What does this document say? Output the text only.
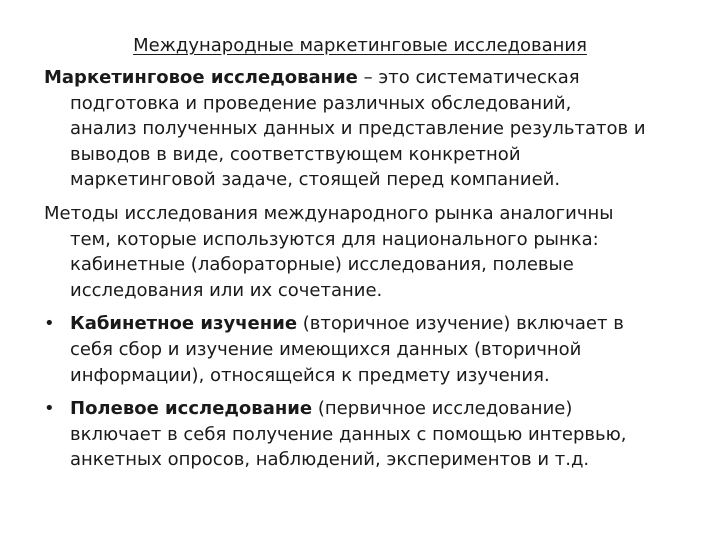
Международные маркетинговые исследования
Маркетинговое исследование – это систематическая
подготовка и проведение различных обследований,
анализ полученных данных и представление результатов и
выводов в виде, соответствующем конкретной
маркетинговой задаче, стоящей перед компанией.
Методы исследования международного рынка аналогичны
тем, которые используются для национального рынка:
кабинетные (лабораторные) исследования, полевые
исследования или их сочетание.
• Кабинетное изучение (вторичное изучение) включает в
себя сбор и изучение имеющихся данных (вторичной
информации), относящейся к предмету изучения.
• Полевое исследование (первичное исследование)
включает в себя получение данных с помощью интервью,
анкетных опросов, наблюдений, экспериментов и т.д.
